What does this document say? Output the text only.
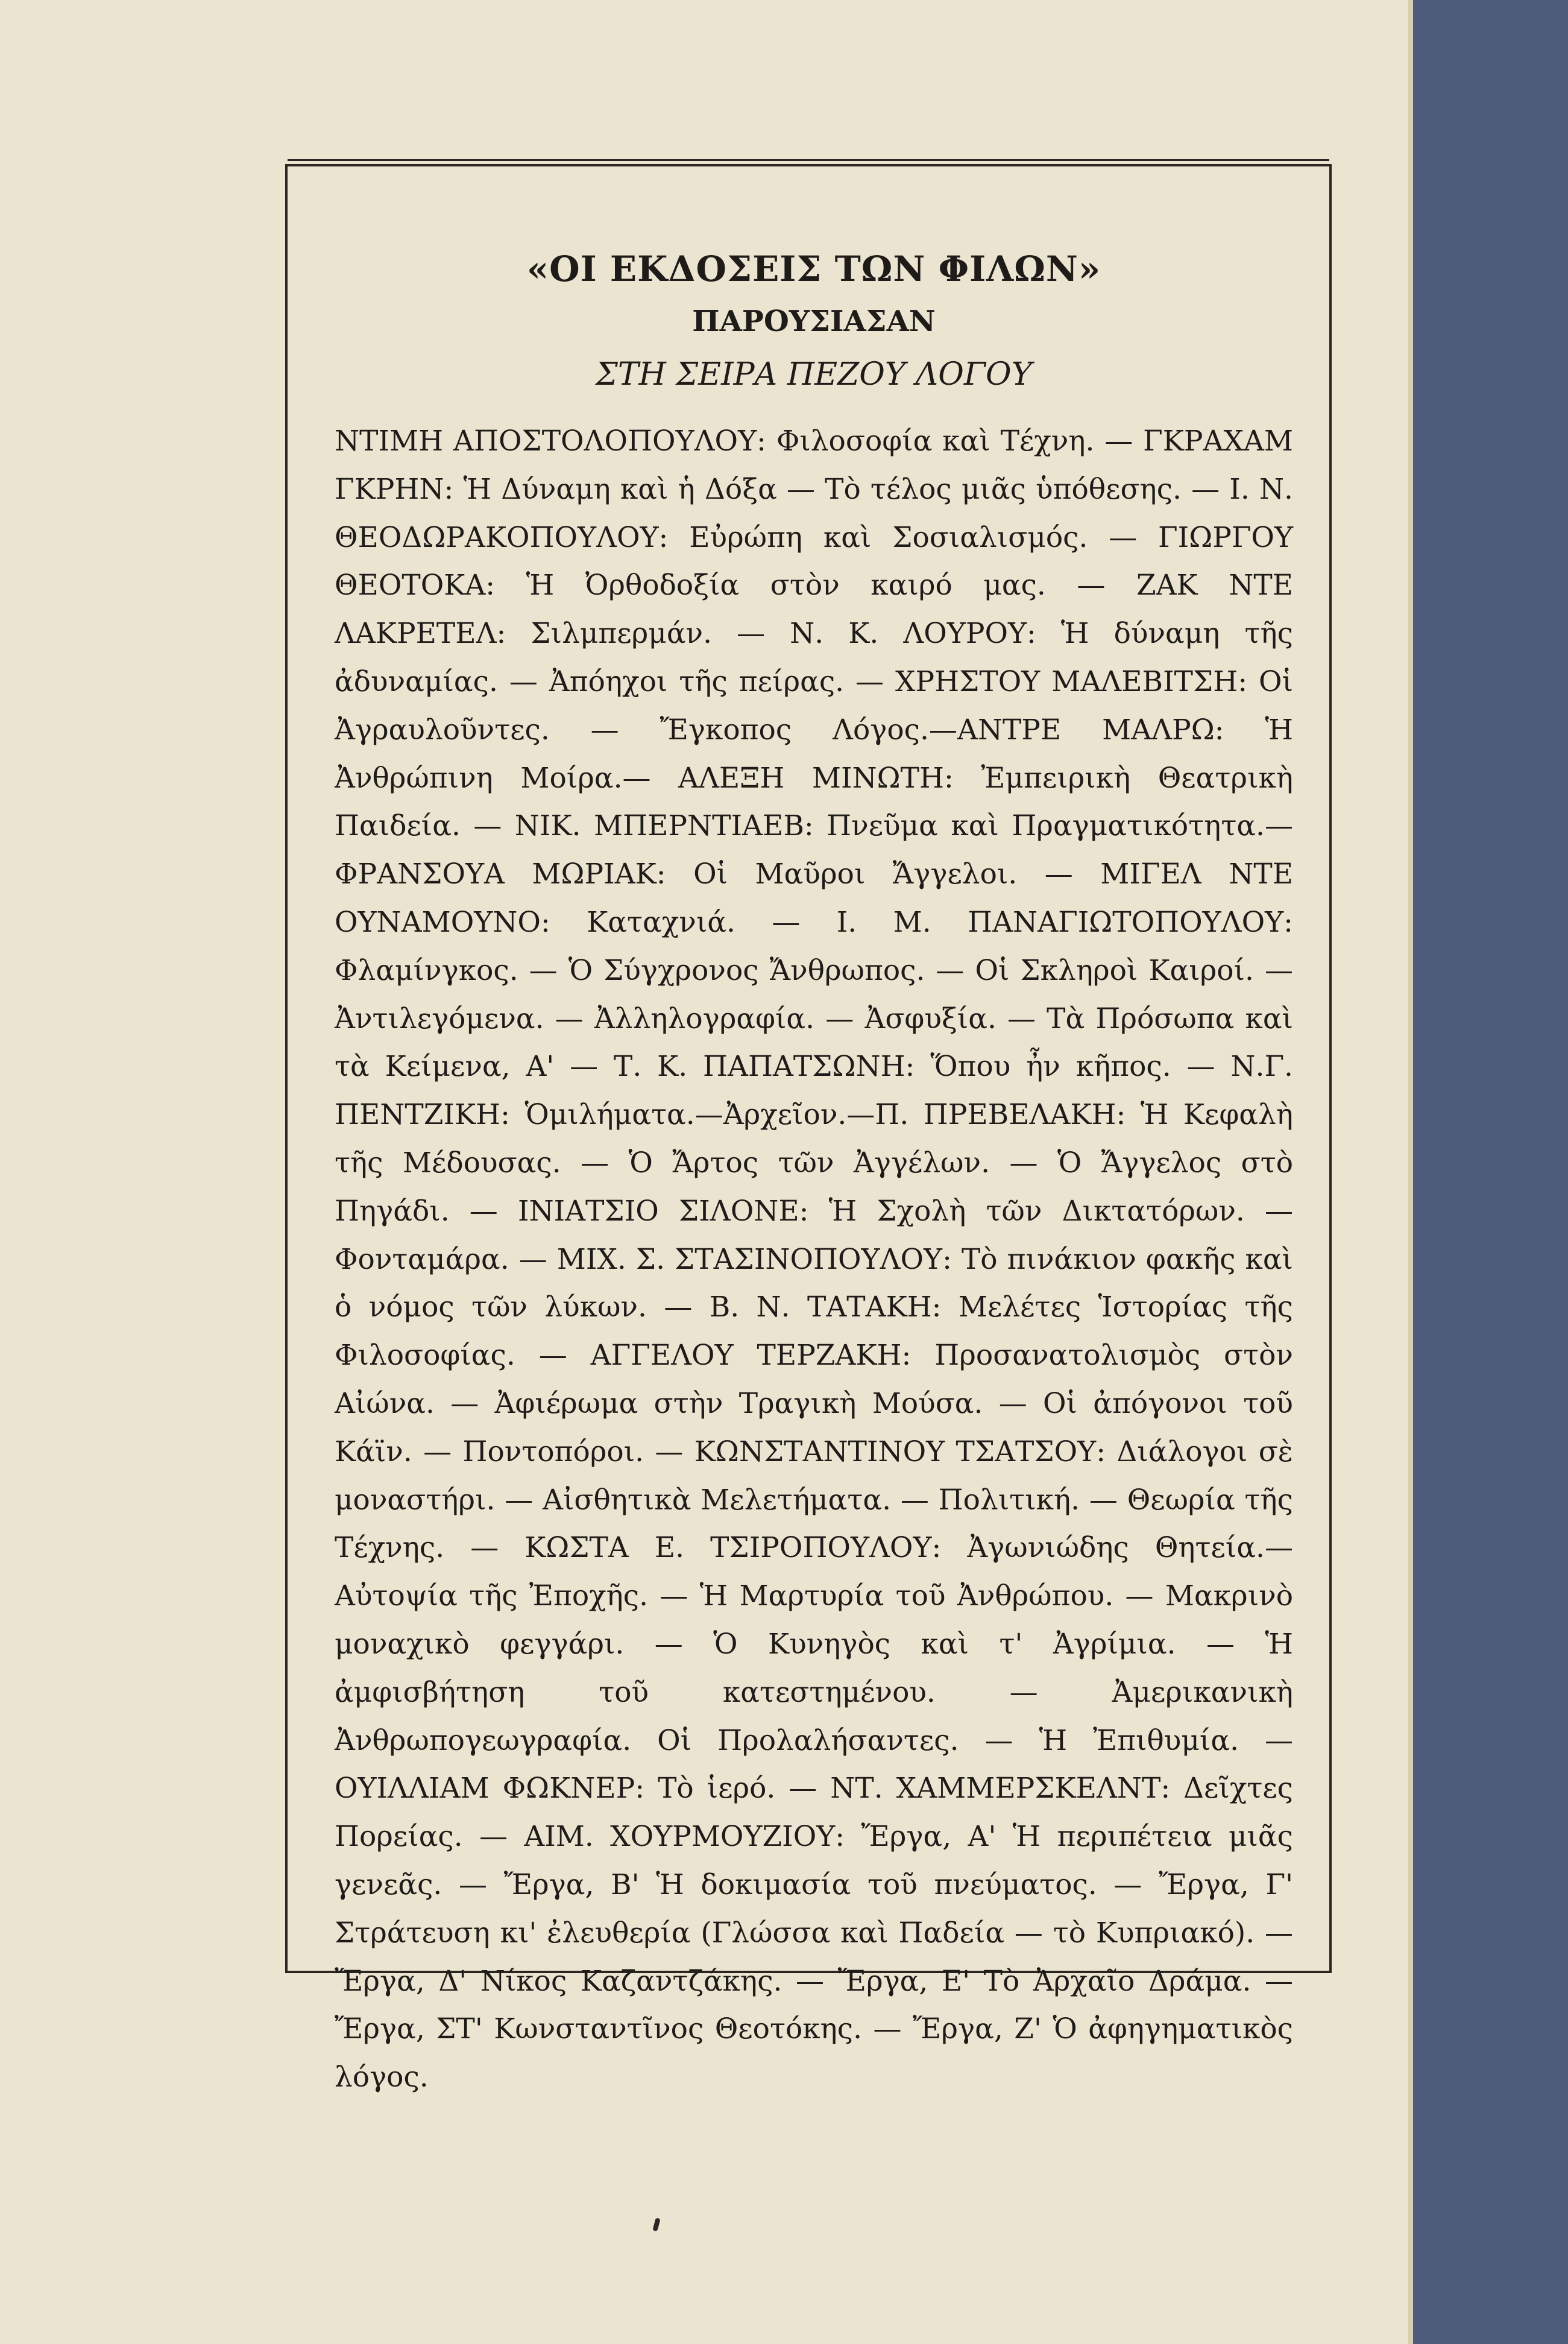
«ΟΙ ΕΚΔΟΣΕΙΣ ΤΩΝ ΦΙΛΩΝ»
ΠΑΡΟΥΣΙΑΣΑΝ
ΣΤΗ ΣΕΙΡΑ ΠΕΖΟΥ ΛΟΓΟΥ

ΝΤΙΜΗ ΑΠΟΣΤΟΛΟΠΟΥΛΟΥ: Φιλοσοφία καὶ Τέχνη. — ΓΚΡΑΧΑΜ ΓΚΡΗΝ: Ἡ Δύναμη καὶ ἡ Δόξα — Τὸ τέλος μιᾶς ὑπόθεσης. — Ι. Ν. ΘΕΟΔΩΡΑΚΟΠΟΥΛΟΥ: Εὐρώπη καὶ Σοσιαλισμός. — ΓΙΩΡΓΟΥ ΘΕΟΤΟΚΑ: Ἡ Ὀρθοδοξία στὸν καιρό μας. — ΖΑΚ ΝΤΕ ΛΑΚΡΕΤΕΛ: Σιλμπερμάν. — Ν. Κ. ΛΟΥΡΟΥ: Ἡ δύναμη τῆς ἀδυναμίας. — Ἀπόηχοι τῆς πείρας. — ΧΡΗΣΤΟΥ ΜΑΛΕΒΙΤΣΗ: Οἱ Ἀγραυλοῦντες. — Ἔγκοπος Λόγος.—ΑΝΤΡΕ ΜΑΛΡΩ: Ἡ Ἀνθρώπινη Μοίρα.— ΑΛΕΞΗ ΜΙΝΩΤΗ: Ἐμπειρικὴ Θεατρικὴ Παιδεία. — ΝΙΚ. ΜΠΕΡΝΤΙΑΕΒ: Πνεῦμα καὶ Πραγματικότητα.—ΦΡΑΝΣΟΥΑ ΜΩΡΙΑΚ: Οἱ Μαῦροι Ἄγγελοι. — ΜΙΓΕΛ ΝΤΕ ΟΥΝΑΜΟΥΝΟ: Καταχνιά. — Ι. Μ. ΠΑΝΑΓΙΩΤΟΠΟΥΛΟΥ: Φλαμίνγκος. — Ὁ Σύγχρονος Ἄνθρωπος. — Οἱ Σκληροὶ Καιροί. — Ἀντιλεγόμενα. — Ἀλληλογραφία. — Ἀσφυξία. — Τὰ Πρόσωπα καὶ τὰ Κείμενα, Α' — Τ. Κ. ΠΑΠΑΤΣΩΝΗ: Ὅπου ἦν κῆπος. — Ν.Γ. ΠΕΝΤΖΙΚΗ: Ὁμιλήματα.—Ἀρχεῖον.—Π. ΠΡΕΒΕΛΑΚΗ: Ἡ Κεφαλὴ τῆς Μέδουσας. — Ὁ Ἄρτος τῶν Ἀγγέλων. — Ὁ Ἄγγελος στὸ Πηγάδι. — ΙΝΙΑΤΣΙΟ ΣΙΛΟΝΕ: Ἡ Σχολὴ τῶν Δικτατόρων. — Φονταμάρα. — ΜΙΧ. Σ. ΣΤΑΣΙΝΟΠΟΥΛΟΥ: Τὸ πινάκιον φακῆς καὶ ὁ νόμος τῶν λύκων. — Β. Ν. ΤΑΤΑΚΗ: Μελέτες Ἱστορίας τῆς Φιλοσοφίας. — ΑΓΓΕΛΟΥ ΤΕΡΖΑΚΗ: Προσανατολισμὸς στὸν Αἰώνα. — Ἀφιέρωμα στὴν Τραγικὴ Μούσα. — Οἱ ἀπόγονοι τοῦ Κάϊν. — Ποντοπόροι. — ΚΩΝΣΤΑΝΤΙΝΟΥ ΤΣΑΤΣΟΥ: Διάλογοι σὲ μοναστήρι. — Αἰσθητικὰ Μελετήματα. — Πολιτική. — Θεωρία τῆς Τέχνης. — ΚΩΣΤΑ Ε. ΤΣΙΡΟΠΟΥΛΟΥ: Ἀγωνιώδης Θητεία.—Αὐτοψία τῆς Ἐποχῆς. — Ἡ Μαρτυρία τοῦ Ἀνθρώπου. — Μακρινὸ μοναχικὸ φεγγάρι. — Ὁ Κυνηγὸς καὶ τ' Ἀγρίμια. — Ἡ ἀμφισβήτηση τοῦ κατεστημένου. — Ἀμερικανικὴ Ἀνθρωπογεωγραφία. Οἱ Προλαλήσαντες. — Ἡ Ἐπιθυμία. — ΟΥΙΛΛΙΑΜ ΦΩΚΝΕΡ: Τὸ ἱερό. — ΝΤ. ΧΑΜΜΕΡΣΚΕΛΝΤ: Δεῖχτες Πορείας. — ΑΙΜ. ΧΟΥΡΜΟΥΖΙΟΥ: Ἔργα, Α' Ἡ περιπέτεια μιᾶς γενεᾶς. — Ἔργα, Β' Ἡ δοκιμασία τοῦ πνεύματος. — Ἔργα, Γ' Στράτευση κι' ἐλευθερία (Γλώσσα καὶ Παδεία — τὸ Κυπριακό). — Ἔργα, Δ' Νίκος Καζαντζάκης. — Ἔργα, Ε' Τὸ Ἀρχαῖο Δράμα. — Ἔργα, ΣΤ' Κωνσταντῖνος Θεοτόκης. — Ἔργα, Ζ' Ὁ ἀφηγηματικὸς λόγος.
